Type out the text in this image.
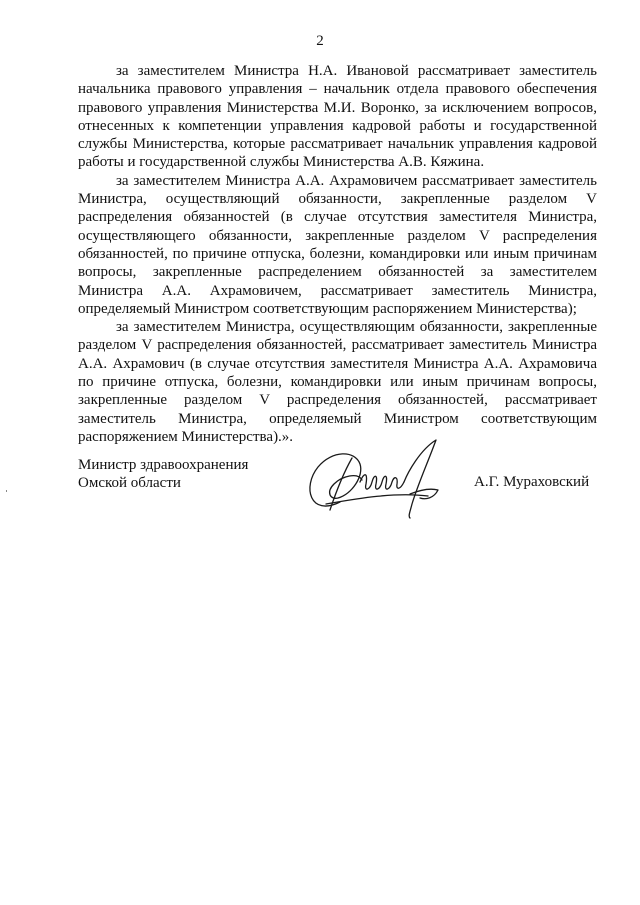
2

за заместителем Министра Н.А. Ивановой рассматривает заместитель начальника правового управления – начальник отдела правового обеспечения правового управления Министерства М.И. Воронко, за исключением вопросов, отнесенных к компетенции управления кадровой работы и государственной службы Министерства, которые рассматривает начальник управления кадровой работы и государственной службы Министерства А.В. Кяжина.

за заместителем Министра А.А. Ахрамовичем рассматривает заместитель Министра, осуществляющий обязанности, закрепленные разделом V распределения обязанностей (в случае отсутствия заместителя Министра, осуществляющего обязанности, закрепленные разделом V распределения обязанностей, по причине отпуска, болезни, командировки или иным причинам вопросы, закрепленные распределением обязанностей за заместителем Министра А.А. Ахрамовичем, рассматривает заместитель Министра, определяемый Министром соответствующим распоряжением Министерства);

за заместителем Министра, осуществляющим обязанности, закрепленные разделом V распределения обязанностей, рассматривает заместитель Министра А.А. Ахрамович (в случае отсутствия заместителя Министра А.А. Ахрамовича по причине отпуска, болезни, командировки или иным причинам вопросы, закрепленные разделом V распределения обязанностей, рассматривает заместитель Министра, определяемый Министром соответствующим распоряжением Министерства).».

Министр здравоохранения
Омской области	А.Г. Мураховский
